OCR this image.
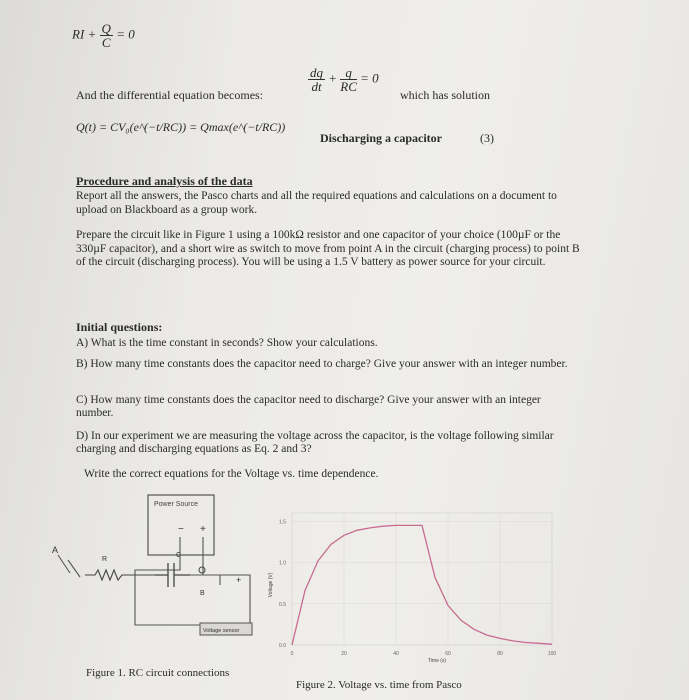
RI + $\frac{Q}{C} = 0$
And the differential equation becomes:
$\frac{dq}{dt} + \frac{q}{RC} = 0$
which has solution
Q(t) = CV₀(e^(−t/RC)) = Qmax(e^(−t/RC))
Discharging a capacitor	(3)
Procedure and analysis of the data
Report all the answers, the Pasco charts and all the required equations and calculations on a document to upload on Blackboard as a group work.
Prepare the circuit like in Figure 1 using a 100kΩ resistor and one capacitor of your choice (100µF or the 330µF capacitor), and a short wire as switch to move from point A in the circuit (charging process) to point B of the circuit (discharging process). You will be using a 1.5 V battery as power source for your circuit.
Initial questions:
A) What is the time constant in seconds? Show your calculations.
B) How many time constants does the capacitor need to charge? Give your answer with an integer number.
C) How many time constants does the capacitor need to discharge? Give your answer with an integer number.
D) In our experiment we are measuring the voltage across the capacitor, is the voltage following similar charging and discharging equations as Eq. 2 and 3?
Write the correct equations for the Voltage vs. time dependence.
Power Source
− +
A
R
C
+
B
Voltage sensor
Figure 1. RC circuit connections
0.0
0.5
1.0
1.5
0	20	40	60	80	100
Voltage (V)
Time (s)
Figure 2. Voltage vs. time from Pasco
